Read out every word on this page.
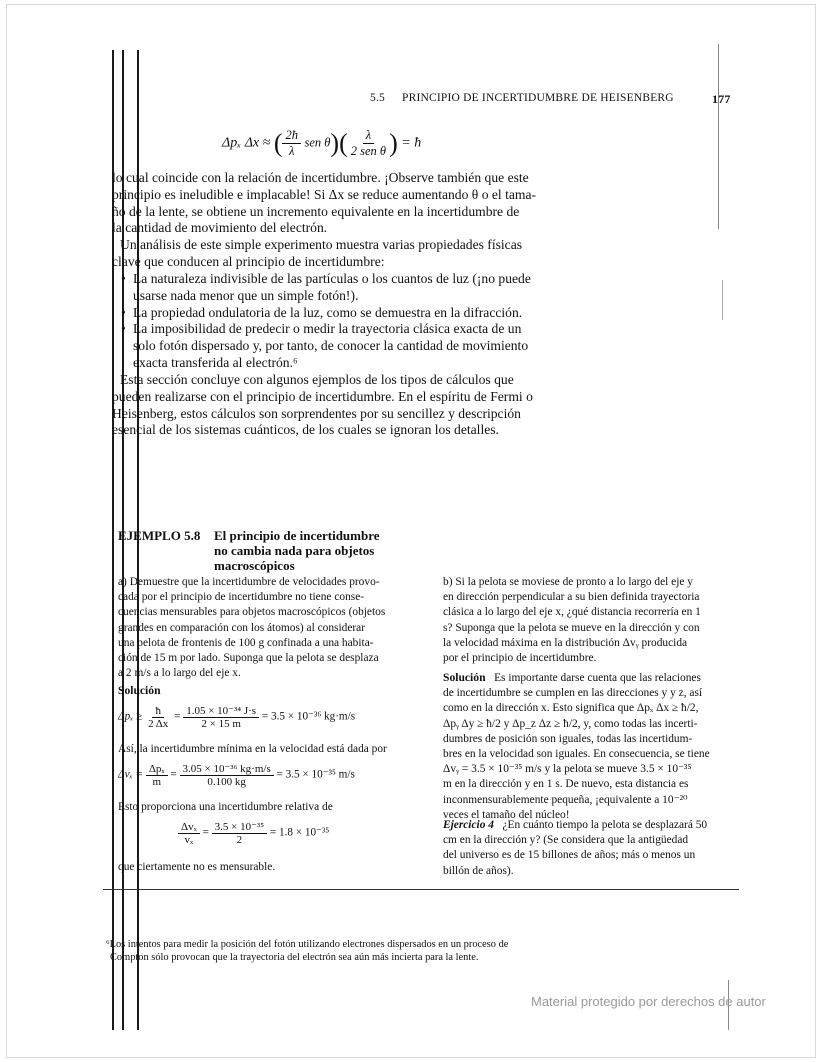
5.5 PRINCIPIO DE INCERTIDUMBRE DE HEISENBERG	177
Δpₓ Δx ≈ ( $\frac{2ħ}{\lambda}$ sen θ)( λ
2 sen θ ) = ħ
lo cual coincide con la relación de incertidumbre. ¡Observe también que este
principio es ineludible e implacable! Si Δx se reduce aumentando θ o el tama-
ño de la lente, se obtiene un incremento equivalente en la incertidumbre de
la cantidad de movimiento del electrón.
Un análisis de este simple experimento muestra varias propiedades físicas
clave que conducen al principio de incertidumbre:
• La naturaleza indivisible de las partículas o los cuantos de luz (¡no puede
usarse nada menor que un simple fotón!).
• La propiedad ondulatoria de la luz, como se demuestra en la difracción.
• La imposibilidad de predecir o medir la trayectoria clásica exacta de un
solo fotón dispersado y, por tanto, de conocer la cantidad de movimiento
exacta transferida al electrón.⁶
Esta sección concluye con algunos ejemplos de los tipos de cálculos que
pueden realizarse con el principio de incertidumbre. En el espíritu de Fermi o
Heisenberg, estos cálculos son sorprendentes por su sencillez y descripción
esencial de los sistemas cuánticos, de los cuales se ignoran los detalles.
EJEMPLO 5.8 El principio de incertidumbre
no cambia nada para objetos
macroscópicos
a) Demuestre que la incertidumbre de velocidades provo-
cada por el principio de incertidumbre no tiene conse-
cuencias mensurables para objetos macroscópicos (objetos
grandes en comparación con los átomos) al considerar
una pelota de frontenis de 100 g confinada a una habita-
ción de 15 m por lado. Suponga que la pelota se desplaza
a 2 m/s a lo largo del eje x.
Solución
$\Delta p_x \ge \frac{ħ}{2 \Delta x} = \frac{\text{1.05 × 10⁻³⁴ J·s}}{2 \times 15 m} = 3.5 \times 10^{-36}$ kg·m/s
Así, la incertidumbre mínima en la velocidad está dada por
$\Delta v_x = \frac{\text{Δpₓ}}{m} = \frac{\text{3.05 × 10⁻³⁶ kg·m/s}}{0.100 kg} = 3.5 \times 10^{-35}$ m/s
Esto proporciona una incertidumbre relativa de
$\frac{\text{Δvₓ}}{\text{vₓ}} = \frac{\text{3.5 × 10⁻³⁵}}{2} = 1.8 \times 10^{-35}$
que ciertamente no es mensurable.
b) Si la pelota se moviese de pronto a lo largo del eje y
en dirección perpendicular a su bien definida trayectoria
clásica a lo largo del eje x, ¿qué distancia recorrería en 1
s? Suponga que la pelota se mueve en la dirección y con
la velocidad máxima en la distribución Δvᵧ producida
por el principio de incertidumbre.
Solución Es importante darse cuenta que las relaciones
de incertidumbre se cumplen en las direcciones y y z, así
como en la dirección x. Esto significa que Δpₓ Δx ≥ ħ/2,
Δpᵧ Δy ≥ ħ/2 y Δp_z Δz ≥ ħ/2, y, como todas las incerti-
dumbres de posición son iguales, todas las incertidum-
bres en la velocidad son iguales. En consecuencia, se tiene
Δvᵧ = 3.5 × 10⁻³⁵ m/s y la pelota se mueve 3.5 × 10⁻³⁵
m en la dirección y en 1 s. De nuevo, esta distancia es
inconmensurablemente pequeña, ¡equivalente a 10⁻²⁰
veces el tamaño del núcleo!
Ejercicio 4 ¿En cuánto tiempo la pelota se desplazará 50
cm en la dirección y? (Se considera que la antigüedad
del universo es de 15 billones de años; más o menos un
billón de años).
⁶Los intentos para medir la posición del fotón utilizando electrones dispersados en un proceso de
Compton sólo provocan que la trayectoria del electrón sea aún más incierta para la lente.
Material protegido por derechos de autor
